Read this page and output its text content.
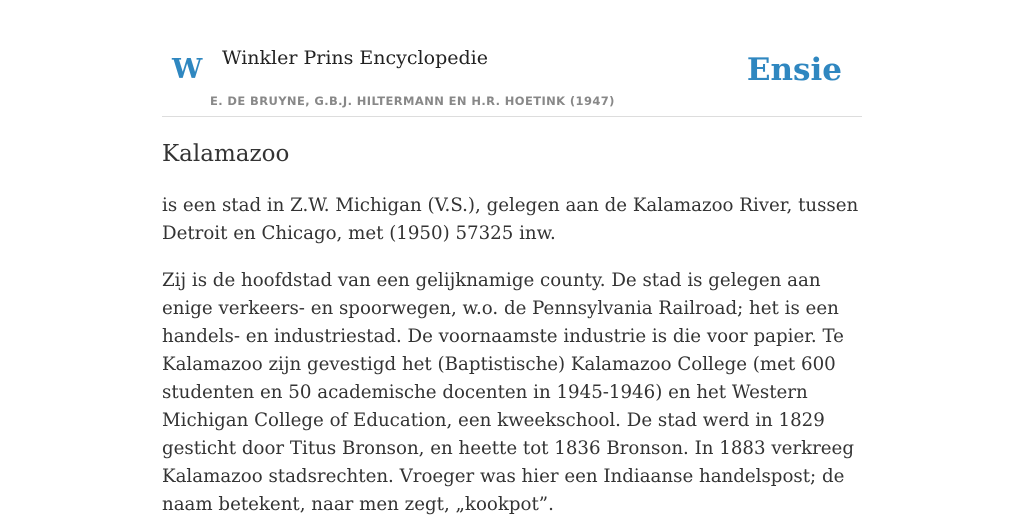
W Winkler Prins Encyclopedie
E. DE BRUYNE, G.B.J. HILTERMANN EN H.R. HOETINK (1947)
Ensie
Kalamazoo

is een stad in Z.W. Michigan (V.S.), gelegen aan de Kalamazoo River, tussen Detroit en Chicago, met (1950) 57325 inw.

Zij is de hoofdstad van een gelijknamige county. De stad is gelegen aan enige verkeers- en spoorwegen, w.o. de Pennsylvania Railroad; het is een handels- en industriestad. De voornaamste industrie is die voor papier. Te Kalamazoo zijn gevestigd het (Baptistische) Kalamazoo College (met 600 studenten en 50 academische docenten in 1945-1946) en het Western Michigan College of Education, een kweekschool. De stad werd in 1829 gesticht door Titus Bronson, en heette tot 1836 Bronson. In 1883 verkreeg Kalamazoo stadsrechten. Vroeger was hier een Indiaanse handelspost; de naam betekent, naar men zegt, „kookpot”.
